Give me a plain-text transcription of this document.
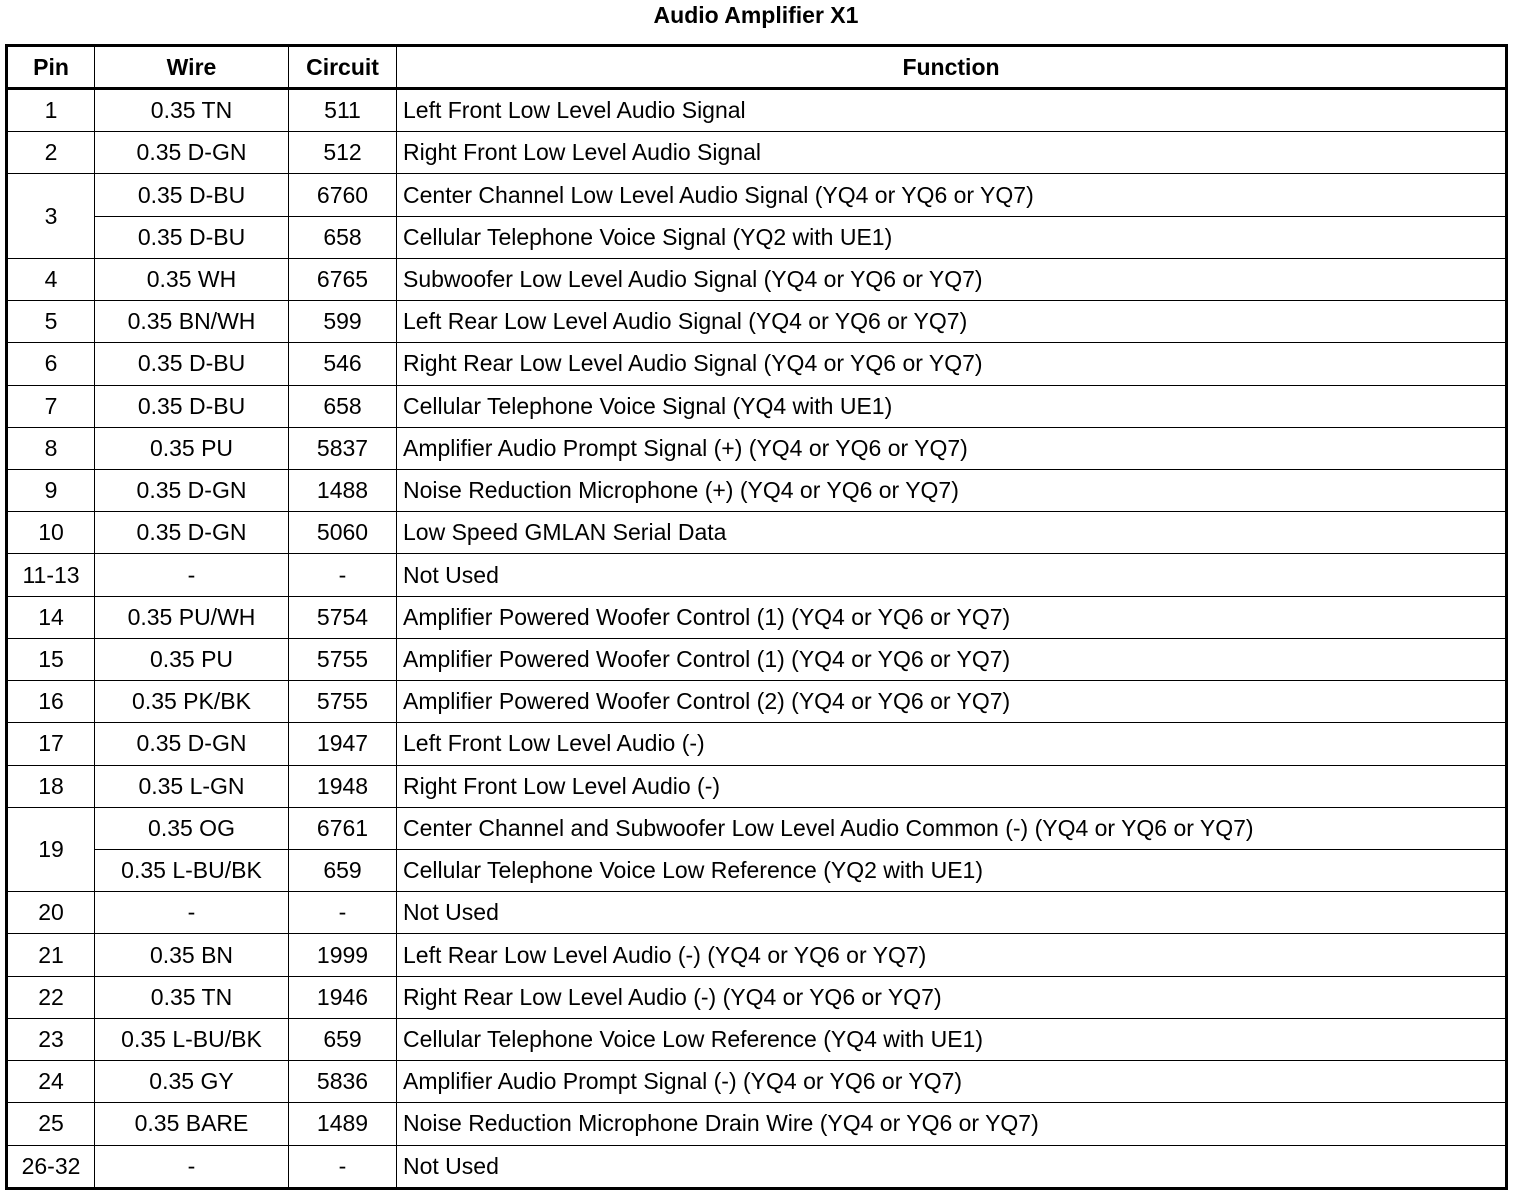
Audio Amplifier X1
Pin	Wire	Circuit	Function
1	0.35 TN	511	Left Front Low Level Audio Signal
2	0.35 D-GN	512	Right Front Low Level Audio Signal
3	0.35 D-BU	6760	Center Channel Low Level Audio Signal (YQ4 or YQ6 or YQ7)
	0.35 D-BU	658	Cellular Telephone Voice Signal (YQ2 with UE1)
4	0.35 WH	6765	Subwoofer Low Level Audio Signal (YQ4 or YQ6 or YQ7)
5	0.35 BN/WH	599	Left Rear Low Level Audio Signal (YQ4 or YQ6 or YQ7)
6	0.35 D-BU	546	Right Rear Low Level Audio Signal (YQ4 or YQ6 or YQ7)
7	0.35 D-BU	658	Cellular Telephone Voice Signal (YQ4 with UE1)
8	0.35 PU	5837	Amplifier Audio Prompt Signal (+) (YQ4 or YQ6 or YQ7)
9	0.35 D-GN	1488	Noise Reduction Microphone (+) (YQ4 or YQ6 or YQ7)
10	0.35 D-GN	5060	Low Speed GMLAN Serial Data
11-13	-	-	Not Used
14	0.35 PU/WH	5754	Amplifier Powered Woofer Control (1) (YQ4 or YQ6 or YQ7)
15	0.35 PU	5755	Amplifier Powered Woofer Control (1) (YQ4 or YQ6 or YQ7)
16	0.35 PK/BK	5755	Amplifier Powered Woofer Control (2) (YQ4 or YQ6 or YQ7)
17	0.35 D-GN	1947	Left Front Low Level Audio (-)
18	0.35 L-GN	1948	Right Front Low Level Audio (-)
19	0.35 OG	6761	Center Channel and Subwoofer Low Level Audio Common (-) (YQ4 or YQ6 or YQ7)
	0.35 L-BU/BK	659	Cellular Telephone Voice Low Reference (YQ2 with UE1)
20	-	-	Not Used
21	0.35 BN	1999	Left Rear Low Level Audio (-) (YQ4 or YQ6 or YQ7)
22	0.35 TN	1946	Right Rear Low Level Audio (-) (YQ4 or YQ6 or YQ7)
23	0.35 L-BU/BK	659	Cellular Telephone Voice Low Reference (YQ4 with UE1)
24	0.35 GY	5836	Amplifier Audio Prompt Signal (-) (YQ4 or YQ6 or YQ7)
25	0.35 BARE	1489	Noise Reduction Microphone Drain Wire (YQ4 or YQ6 or YQ7)
26-32	-	-	Not Used
